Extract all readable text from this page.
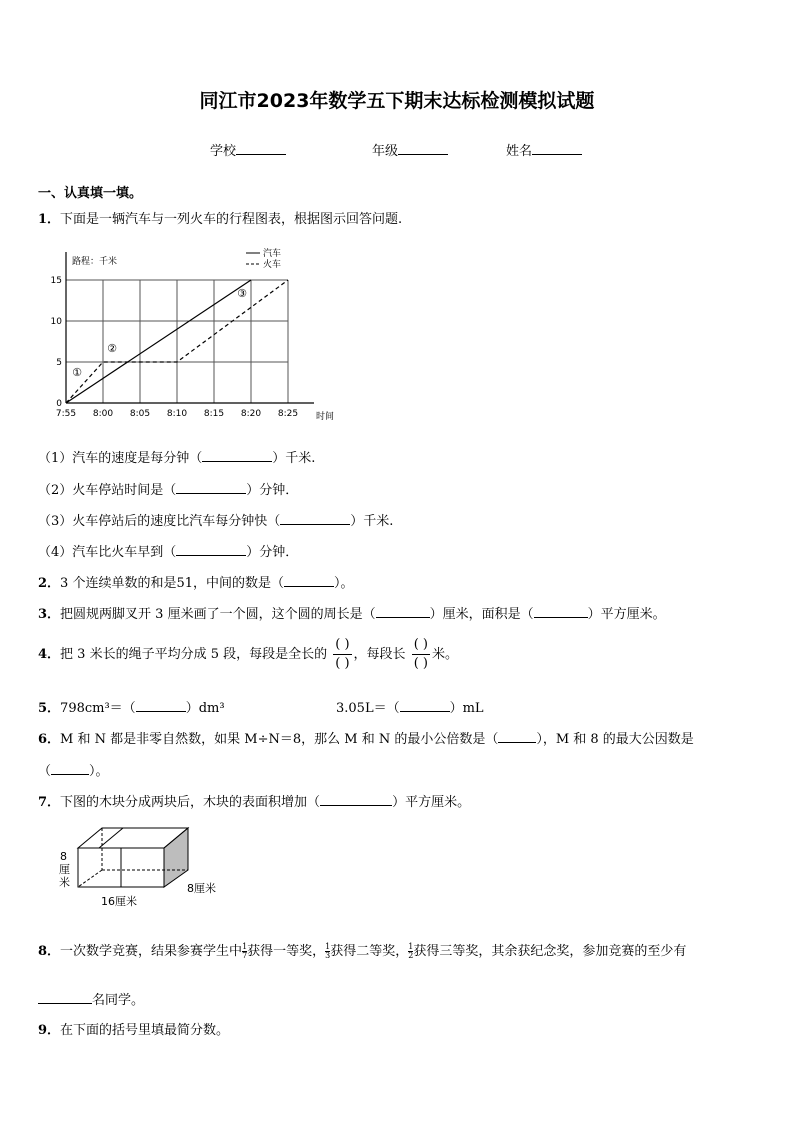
同江市2023年数学五下期末达标检测模拟试题
学校	年级	姓名
一、认真填一填。
1．下面是一辆汽车与一列火车的行程图表，根据图示回答问题.
0
5
10
15
7:55 8:00 8:05 8:10 8:15 8:20 8:25
路程：千米
时间
汽车
火车
①
②
③
（1）汽车的速度是每分钟（	）千米.
（2）火车停站时间是（	）分钟．
（3）火车停站后的速度比汽车每分钟快（	）千米.
（4）汽车比火车早到（	）分钟．
2．3 个连续单数的和是51，中间的数是（	）。
3．把圆规两脚叉开 3 厘米画了一个圆，这个圆的周长是（	）厘米，面积是（	）平方厘米。
4．把 3 米长的绳子平均分成 5 段，每段是全长的 $\frac{( )}{( )}$ ，每段长 $\frac{( )}{( )}$ 米。
5．798cm³＝（	）dm³	3.05L＝（	）mL
6．M 和 N 都是非零自然数，如果 M÷N＝8，那么 M 和 N 的最小公倍数是（	），M 和 8 的最大公因数是
（	）。
7．下图的木块分成两块后，木块的表面积增加（	）平方厘米。
8
厘
米
16厘米
8厘米
8．一次数学竞赛，结果参赛学生中 $\frac{1}{7}$ 获得一等奖， $\frac{1}{3}$ 获得二等奖， $\frac{1}{2}$ 获得三等奖，其余获纪念奖，参加竞赛的至少有
名同学。
9．在下面的括号里填最简分数。
